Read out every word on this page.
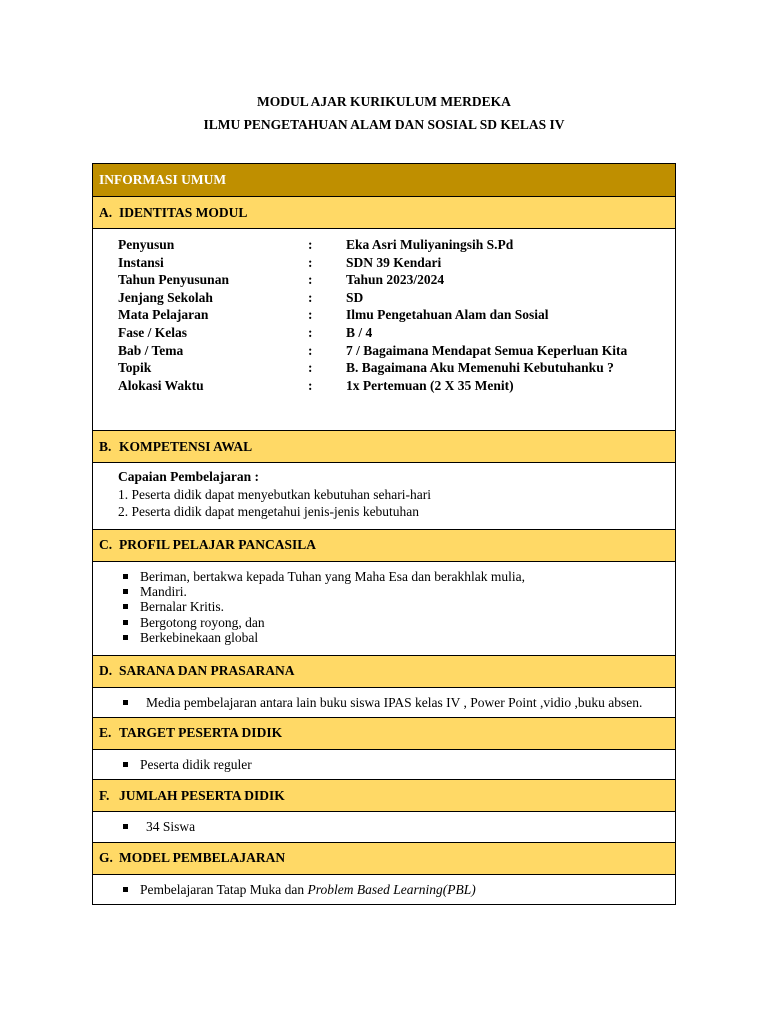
MODUL AJAR KURIKULUM MERDEKA
ILMU PENGETAHUAN ALAM DAN SOSIAL SD KELAS IV
INFORMASI UMUM
A. IDENTITAS MODUL

Penyusun	:	Eka Asri Muliyaningsih S.Pd
Instansi	:	SDN 39 Kendari
Tahun Penyusunan	:	Tahun 2023/2024
Jenjang Sekolah	:	SD
Mata Pelajaran	:	Ilmu Pengetahuan Alam dan Sosial
Fase / Kelas	:	B / 4
Bab / Tema	:	7 / Bagaimana Mendapat Semua Keperluan Kita
Topik	:	B. Bagaimana Aku Memenuhi Kebutuhanku ?
Alokasi Waktu	:	1x Pertemuan (2 X 35 Menit)

B. KOMPETENSI AWAL

Capaian Pembelajaran :
1. Peserta didik dapat menyebutkan kebutuhan sehari-hari
2. Peserta didik dapat mengetahui jenis-jenis kebutuhan

C. PROFIL PELAJAR PANCASILA

Beriman, bertakwa kepada Tuhan yang Maha Esa dan berakhlak mulia,
Mandiri.
Bernalar Kritis.
Bergotong royong, dan
Berkebinekaan global

D. SARANA DAN PRASARANA

Media pembelajaran antara lain buku siswa IPAS kelas IV , Power Point ,vidio ,buku absen.

E. TARGET PESERTA DIDIK

Peserta didik reguler

F. JUMLAH PESERTA DIDIK

34 Siswa

G. MODEL PEMBELAJARAN

Pembelajaran Tatap Muka dan Problem Based Learning(PBL)
